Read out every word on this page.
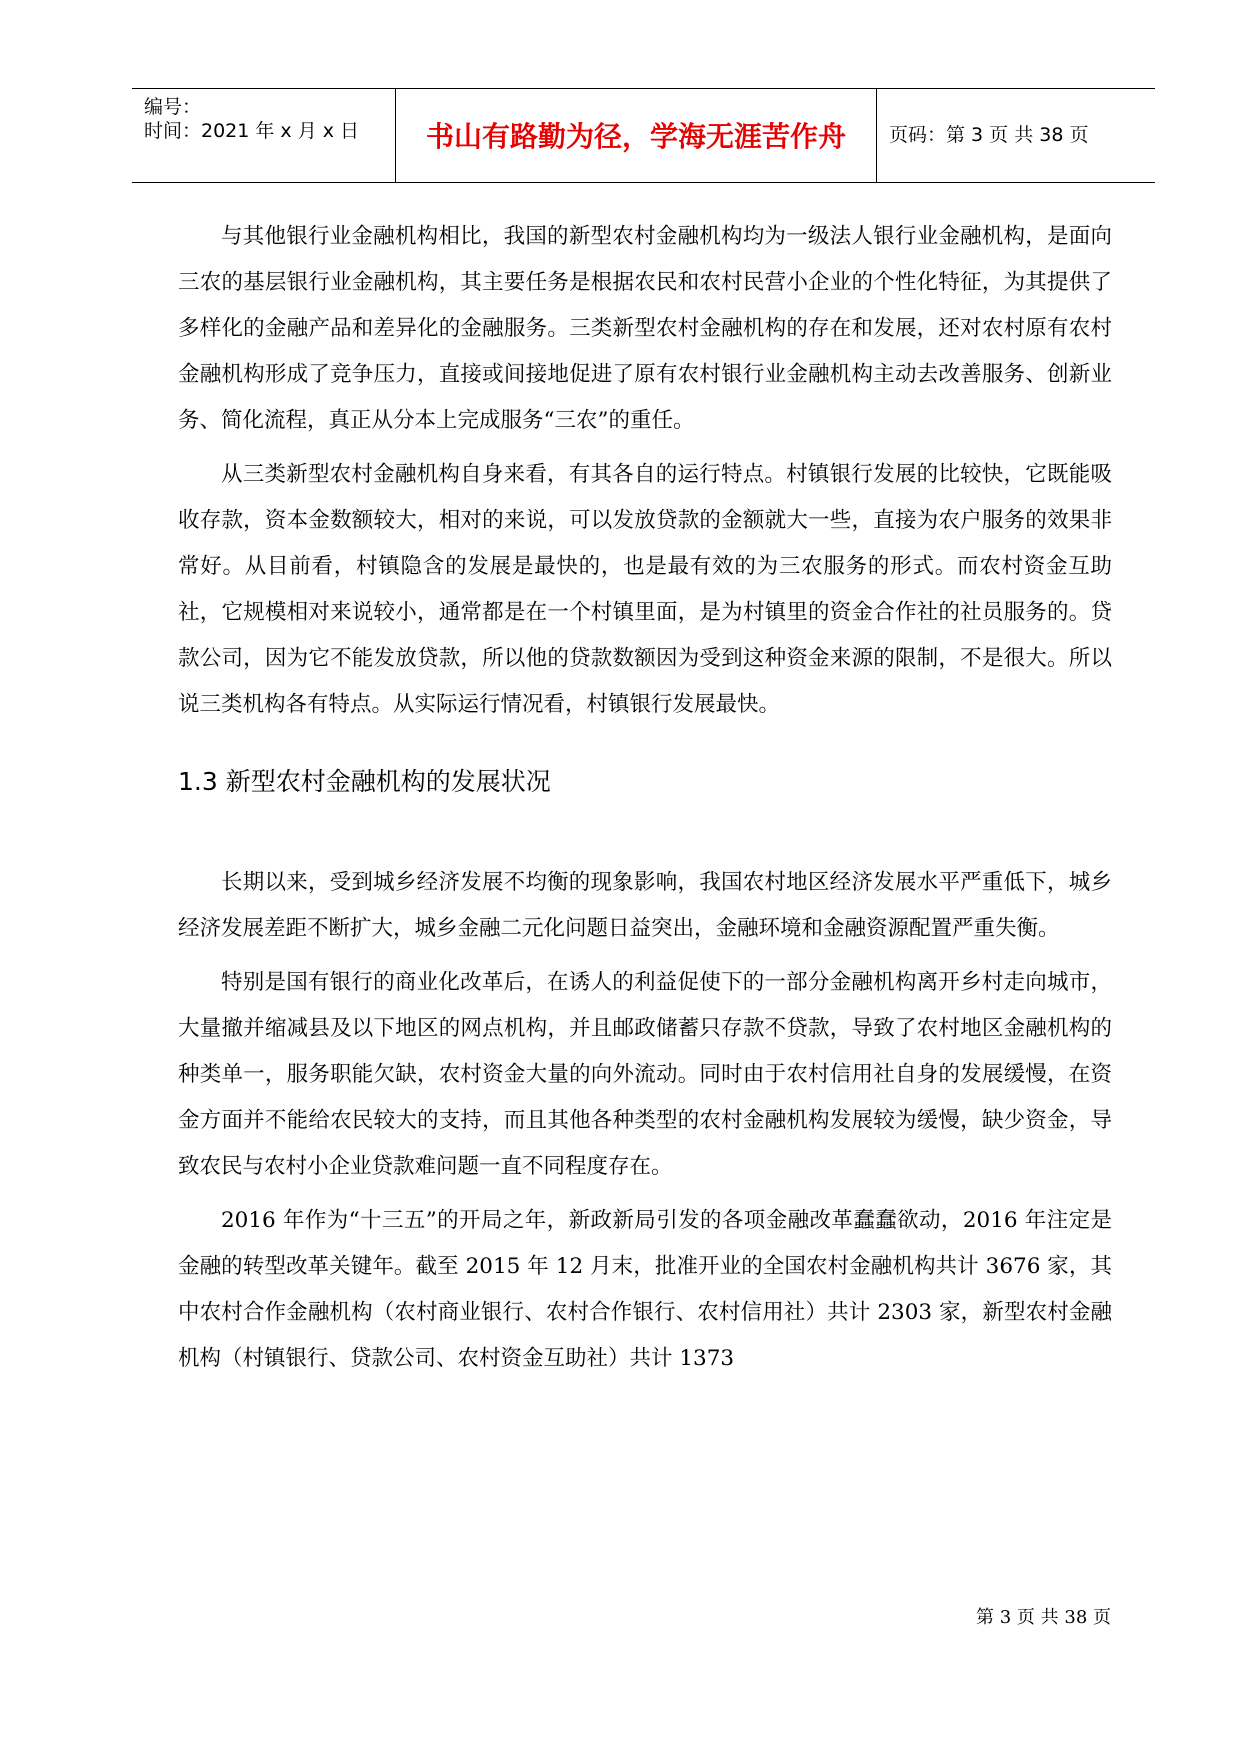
编号：
时间：2021 年 x 月 x 日	书山有路勤为径，学海无涯苦作舟	页码：第 3 页 共 38 页

与其他银行业金融机构相比，我国的新型农村金融机构均为一级法人银行业金融机构，是面向三农的基层银行业金融机构，其主要任务是根据农民和农村民营小企业的个性化特征，为其提供了多样化的金融产品和差异化的金融服务。三类新型农村金融机构的存在和发展，还对农村原有农村金融机构形成了竞争压力，直接或间接地促进了原有农村银行业金融机构主动去改善服务、创新业务、简化流程，真正从分本上完成服务“三农”的重任。

从三类新型农村金融机构自身来看，有其各自的运行特点。村镇银行发展的比较快，它既能吸收存款，资本金数额较大，相对的来说，可以发放贷款的金额就大一些，直接为农户服务的效果非常好。从目前看，村镇隐含的发展是最快的，也是最有效的为三农服务的形式。而农村资金互助社，它规模相对来说较小，通常都是在一个村镇里面，是为村镇里的资金合作社的社员服务的。贷款公司，因为它不能发放贷款，所以他的贷款数额因为受到这种资金来源的限制，不是很大。所以说三类机构各有特点。从实际运行情况看，村镇银行发展最快。

1.3 新型农村金融机构的发展状况

长期以来，受到城乡经济发展不均衡的现象影响，我国农村地区经济发展水平严重低下，城乡经济发展差距不断扩大，城乡金融二元化问题日益突出，金融环境和金融资源配置严重失衡。

特别是国有银行的商业化改革后，在诱人的利益促使下的一部分金融机构离开乡村走向城市，大量撤并缩减县及以下地区的网点机构，并且邮政储蓄只存款不贷款，导致了农村地区金融机构的种类单一，服务职能欠缺，农村资金大量的向外流动。同时由于农村信用社自身的发展缓慢，在资金方面并不能给农民较大的支持，而且其他各种类型的农村金融机构发展较为缓慢，缺少资金，导致农民与农村小企业贷款难问题一直不同程度存在。

2016 年作为“十三五”的开局之年，新政新局引发的各项金融改革蠢蠢欲动，2016 年注定是金融的转型改革关键年。截至 2015 年 12 月末，批准开业的全国农村金融机构共计 3676 家，其中农村合作金融机构（农村商业银行、农村合作银行、农村信用社）共计 2303 家，新型农村金融机构（村镇银行、贷款公司、农村资金互助社）共计 1373

第 3 页 共 38 页
